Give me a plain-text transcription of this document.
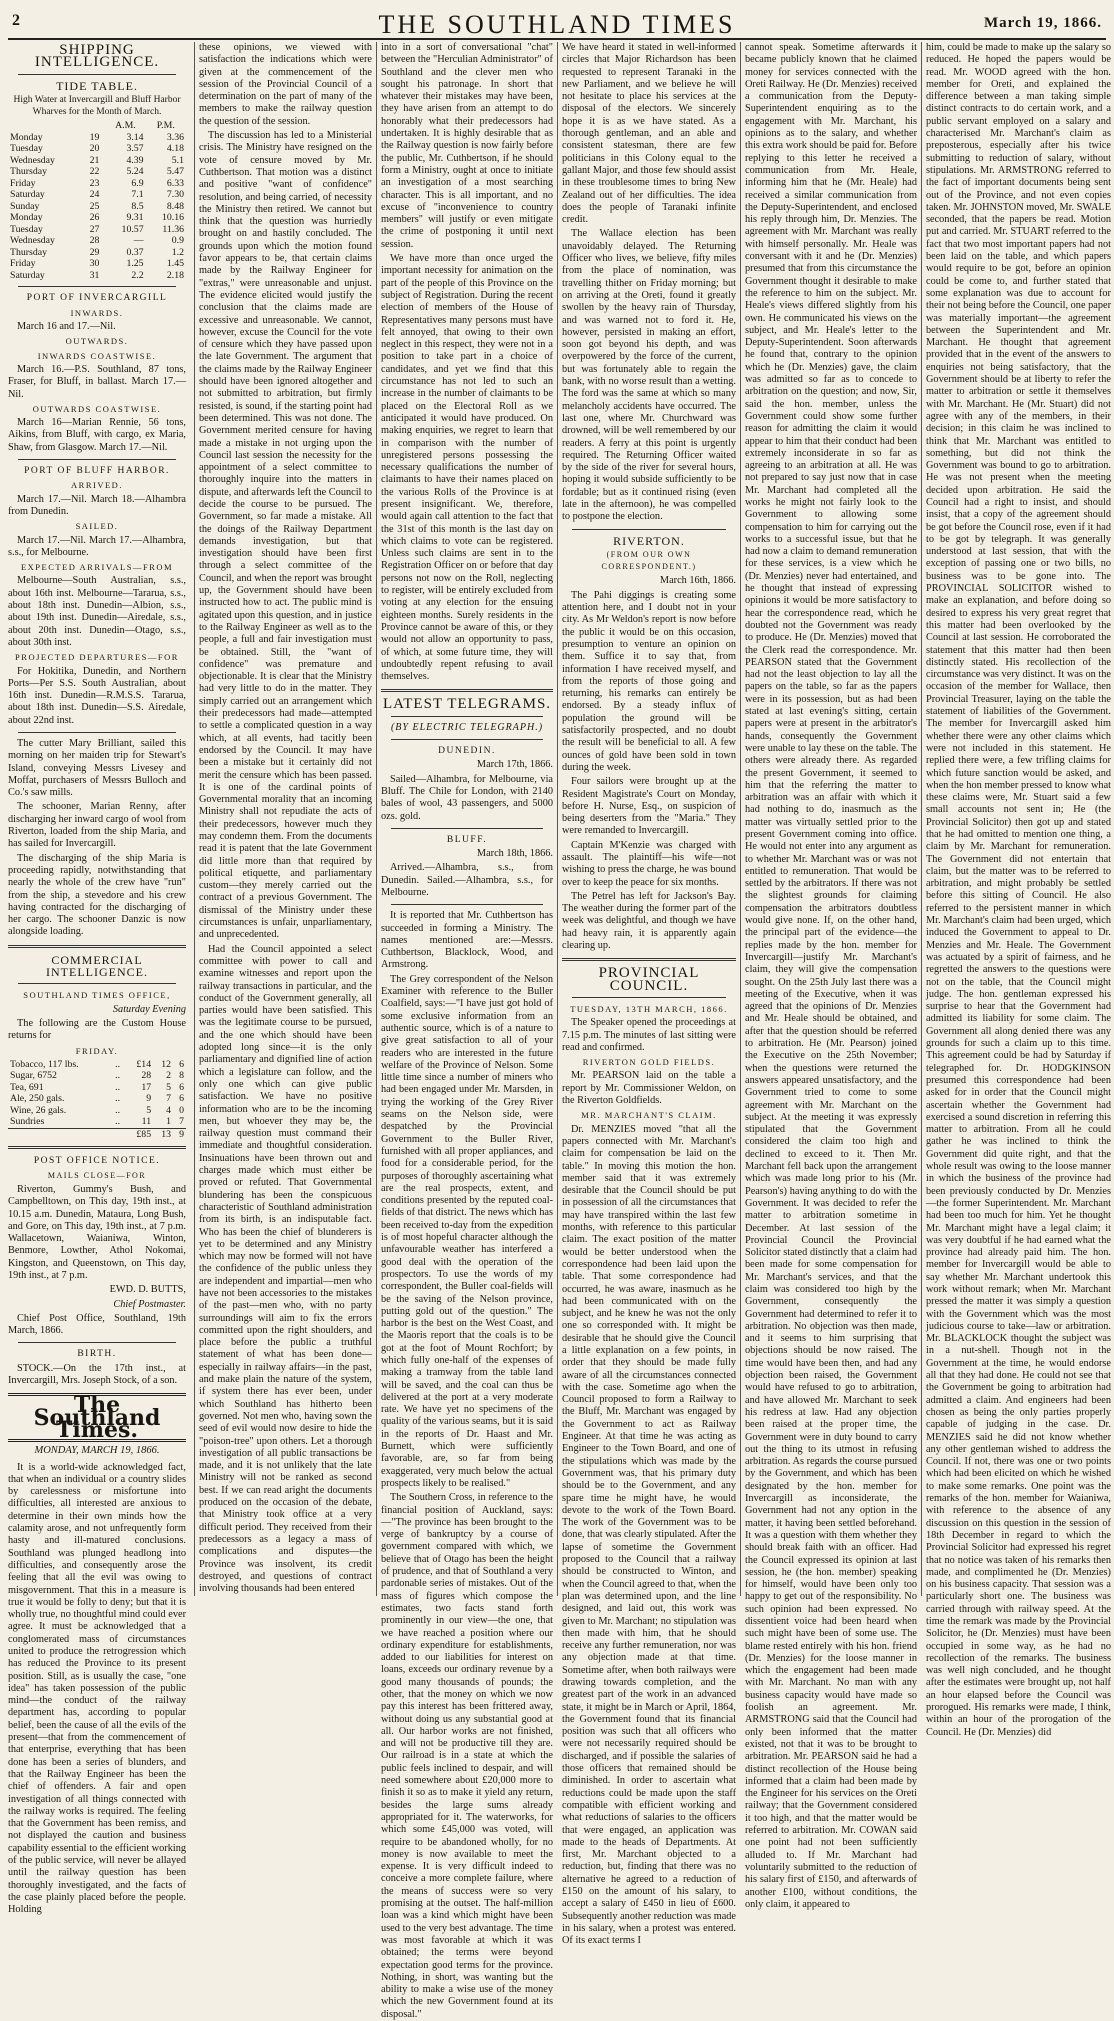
2	THE SOUTHLAND TIMES	March 19, 1866.
SHIPPING INTELLIGENCE.
TIDE TABLE.

High Water at Invercargill and Bluff Harbor Wharves for the Month of March.

		A.M.	P.M.
Monday	19	3.14	3.36
Tuesday	20	3.57	4.18
Wednesday	21	4.39	5.1
Thursday	22	5.24	5.47
Friday	23	6.9	6.33
Saturday	24	7.1	7.30
Sunday	25	8.5	8.48
Monday	26	9.31	10.16
Tuesday	27	10.57	11.36
Wednesday	28	—	0.9
Thursday	29	0.37	1.2
Friday	30	1.25	1.45
Saturday	31	2.2	2.18
PORT OF INVERCARGILL
INWARDS.

March 16 and 17.—Nil.

OUTWARDS.
INWARDS COASTWISE.

March 16.—P.S. Southland, 87 tons, Fraser, for Bluff, in ballast. March 17.—Nil.

OUTWARDS COASTWISE.

March 16—Marian Rennie, 56 tons, Aikins, from Bluff, with cargo, ex Maria, Shaw, from Glasgow. March 17.—Nil.

PORT OF BLUFF HARBOR.
ARRIVED.

March 17.—Nil. March 18.—Alhambra from Dunedin.

SAILED.

March 17.—Nil. March 17.—Alhambra, s.s., for Melbourne.

EXPECTED ARRIVALS—FROM

Melbourne—South Australian, s.s., about 16th inst. Melbourne—Tararua, s.s., about 18th inst. Dunedin—Albion, s.s., about 19th inst. Dunedin—Airedale, s.s., about 20th inst. Dunedin—Otago, s.s., about 30th inst.

PROJECTED DEPARTURES—FOR

For Hokitika, Dunedin, and Northern Ports—Per S.S. South Australian, about 16th inst. Dunedin—R.M.S.S. Tararua, about 18th inst. Dunedin—S.S. Airedale, about 22nd inst.

The cutter Mary Brilliant, sailed this morning on her maiden trip for Stewart's Island, conveying Messrs Livesey and Moffat, purchasers of Messrs Bulloch and Co.'s saw mills.

The schooner, Marian Renny, after discharging her inward cargo of wool from Riverton, loaded from the ship Maria, and has sailed for Invercargill.

The discharging of the ship Maria is proceeding rapidly, notwithstanding that nearly the whole of the crew have "run" from the ship, a stevedore and his crew having contracted for the discharging of her cargo. The schooner Danzic is now alongside loading.

COMMERCIAL INTELLIGENCE.
SOUTHLAND TIMES OFFICE,

Saturday Evening

The following are the Custom House returns for

FRIDAY.
Tobacco, 117 lbs.	..	£14	12	6
Sugar, 6752	..	28	2	8
Tea, 691	..	17	5	6
Ale, 250 gals.	..	9	7	6
Wine, 26 gals.	..	5	4	0
Sundries	..	11	1	7
		£85	13	9
POST OFFICE NOTICE.
MAILS CLOSE—FOR

Riverton, Gummy's Bush, and Campbelltown, on This day, 19th inst., at 10.15 a.m. Dunedin, Mataura, Long Bush, and Gore, on This day, 19th inst., at 7 p.m. Wallacetown, Waianiwa, Winton, Benmore, Lowther, Athol Nokomai, Kingston, and Queenstown, on This day, 19th inst., at 7 p.m.

EWD. D. BUTTS,

Chief Postmaster.

Chief Post Office, Southland, 19th March, 1866.

BIRTH.

STOCK.—On the 17th inst., at Invercargill, Mrs. Joseph Stock, of a son.

The Southland Times.
MONDAY, MARCH 19, 1866.

It is a world-wide acknowledged fact, that when an individual or a country slides by carelessness or misfortune into difficulties, all interested are anxious to determine in their own minds how the calamity arose, and not unfrequently form hasty and ill-matured conclusions. Southland was plunged headlong into difficulties, and consequently arose the feeling that all the evil was owing to misgovernment. That this in a measure is true it would be folly to deny; but that it is wholly true, no thoughtful mind could ever agree. It must be acknowledged that a conglomerated mass of circumstances united to produce the retrogression which has reduced the Province to its present position. Still, as is usually the case, "one idea" has taken possession of the public mind—the conduct of the railway department has, according to popular belief, been the cause of all the evils of the present—that from the commencement of that enterprise, everything that has been done has been a series of blunders, and that the Railway Engineer has been the chief of offenders. A fair and open investigation of all things connected with the railway works is required. The feeling that the Government has been remiss, and not displayed the caution and business capability essential to the efficient working of the public service, will never be allayed until the railway question has been thoroughly investigated, and the facts of the case plainly placed before the people. Holding

these opinions, we viewed with satisfaction the indications which were given at the commencement of the session of the Provincial Council of a determination on the part of many of the members to make the railway question the question of the session.

The discussion has led to a Ministerial crisis. The Ministry have resigned on the vote of censure moved by Mr. Cuthbertson. That motion was a distinct and positive "want of confidence" resolution, and being carried, of necessity the Ministry then retired. We cannot but think that the question was hurriedly brought on and hastily concluded. The grounds upon which the motion found favor appears to be, that certain claims made by the Railway Engineer for "extras," were unreasonable and unjust. The evidence elicited would justify the conclusion that the claims made are excessive and unreasonable. We cannot, however, excuse the Council for the vote of censure which they have passed upon the late Government. The argument that the claims made by the Railway Engineer should have been ignored altogether and not submitted to arbitration, but firmly resisted, is sound, if the starting point had been determined. This was not done. The Government merited censure for having made a mistake in not urging upon the Council last session the necessity for the appointment of a select committee to thoroughly inquire into the matters in dispute, and afterwards left the Council to decide the course to be pursued. The Government, so far made a mistake. All the doings of the Railway Department demands investigation, but that investigation should have been first through a select committee of the Council, and when the report was brought up, the Government should have been instructed how to act. The public mind is agitated upon this question, and in justice to the Railway Engineer as well as to the people, a full and fair investigation must be obtained. Still, the "want of confidence" was premature and objectionable. It is clear that the Ministry had very little to do in the matter. They simply carried out an arrangement which their predecessors had made—attempted to settle a complicated question in a way which, at all events, had tacitly been endorsed by the Council. It may have been a mistake but it certainly did not merit the censure which has been passed. It is one of the cardinal points of Governmental morality that an incoming Ministry shall not repudiate the acts of their predecessors, however much they may condemn them. From the documents read it is patent that the late Government did little more than that required by political etiquette, and parliamentary custom—they merely carried out the contract of a previous Government. The dismissal of the Ministry under these circumstances is unfair, unparliamentary, and unprecedented.

Had the Council appointed a select committee with power to call and examine witnesses and report upon the railway transactions in particular, and the conduct of the Government generally, all parties would have been satisfied. This was the legitimate course to be pursued, and the one which should have been adopted long since—it is the only parliamentary and dignified line of action which a legislature can follow, and the only one which can give public satisfaction. We have no positive information who are to be the incoming men, but whoever they may be, the railway question must command their immediate and thoughtful consideration. Insinuations have been thrown out and charges made which must either be proved or refuted. That Governmental blundering has been the conspicuous characteristic of Southland administration from its birth, is an indisputable fact. Who has been the chief of blunderers is yet to be determined and any Ministry which may now be formed will not have the confidence of the public unless they are independent and impartial—men who have not been accessories to the mistakes of the past—men who, with no party surroundings will aim to fix the errors committed upon the right shoulders, and place before the public a truthful statement of what has been done—especially in railway affairs—in the past, and make plain the nature of the system, if system there has ever been, under which Southland has hitherto been governed. Not men who, having sown the seed of evil would now desire to hide the "poison-tree" upon others. Let a thorough investigation of all public transactions be made, and it is not unlikely that the late Ministry will not be ranked as second best. If we can read aright the documents produced on the occasion of the debate, that Ministry took office at a very difficult period. They received from their predecessors as a legacy a mass of complications and disputes—the Province was insolvent, its credit destroyed, and questions of contract involving thousands had been entered

into in a sort of conversational "chat" between the "Herculian Administrator" of Southland and the clever men who sought his patronage. In short that whatever their mistakes may have been, they have arisen from an attempt to do honorably what their predecessors had undertaken. It is highly desirable that as the Railway question is now fairly before the public, Mr. Cuthbertson, if he should form a Ministry, ought at once to initiate an investigation of a most searching character. This is all important, and no excuse of "inconvenience to country members" will justify or even mitigate the crime of postponing it until next session.

We have more than once urged the important necessity for animation on the part of the people of this Province on the subject of Registration. During the recent election of members of the House of Representatives many persons must have felt annoyed, that owing to their own neglect in this respect, they were not in a position to take part in a choice of candidates, and yet we find that this circumstance has not led to such an increase in the number of claimants to be placed on the Electoral Roll as we anticipated it would have produced. On making enquiries, we regret to learn that in comparison with the number of unregistered persons possessing the necessary qualifications the number of claimants to have their names placed on the various Rolls of the Province is at present insignificant. We, therefore, would again call attention to the fact that the 31st of this month is the last day on which claims to vote can be registered. Unless such claims are sent in to the Registration Officer on or before that day persons not now on the Roll, neglecting to register, will be entirely excluded from voting at any election for the ensuing eighteen months. Surely residents in the Province cannot be aware of this, or they would not allow an opportunity to pass, of which, at some future time, they will undoubtedly repent refusing to avail themselves.

LATEST TELEGRAMS.
(BY ELECTRIC TELEGRAPH.)
DUNEDIN.

March 17th, 1866.

Sailed—Alhambra, for Melbourne, via Bluff. The Chile for London, with 2140 bales of wool, 43 passengers, and 5000 ozs. gold.

BLUFF.

March 18th, 1866.

Arrived.—Alhambra, s.s., from Dunedin. Sailed.—Alhambra, s.s., for Melbourne.

It is reported that Mr. Cuthbertson has succeeded in forming a Ministry. The names mentioned are:—Messrs. Cuthbertson, Blacklock, Wood, and Armstrong.

The Grey correspondent of the Nelson Examiner with reference to the Buller Coalfield, says:—"I have just got hold of some exclusive information from an authentic source, which is of a nature to give great satisfaction to all of your readers who are interested in the future welfare of the Province of Nelson. Some little time since a number of miners who had been engaged under Mr. Marsden, in trying the working of the Grey River seams on the Nelson side, were despatched by the Provincial Government to the Buller River, furnished with all proper appliances, and food for a considerable period, for the purposes of thoroughly ascertaining what are the real prospects, extent, and conditions presented by the reputed coal-fields of that district. The news which has been received to-day from the expedition is of most hopeful character although the unfavourable weather has interfered a good deal with the operation of the prospectors. To use the words of my correspondent, the Buller coal-fields will be the saving of the Nelson province, putting gold out of the question." The harbor is the best on the West Coast, and the Maoris report that the coals is to be got at the foot of Mount Rochfort; by which fully one-half of the expenses of making a tramway from the table land will be saved, and the coal can thus be delivered at the port at a very moderate rate. We have yet no specimens of the quality of the various seams, but it is said in the reports of Dr. Haast and Mr. Burnett, which were sufficiently favorable, are, so far from being exaggerated, very much below the actual prospects likely to be realised."

The Southern Cross, in reference to the financial position of Auckland, says:—"The province has been brought to the verge of bankruptcy by a course of government compared with which, we believe that of Otago has been the height of prudence, and that of Southland a very pardonable series of mistakes. Out of the mass of figures which compose the estimates, two facts stand forth prominently in our view—the one, that we have reached a position where our ordinary expenditure for establishments, added to our liabilities for interest on loans, exceeds our ordinary revenue by a good many thousands of pounds; the other, that the money on which we now pay this interest has been frittered away, without doing us any substantial good at all. Our harbor works are not finished, and will not be productive till they are. Our railroad is in a state at which the public feels inclined to despair, and will need somewhere about £20,000 more to finish it so as to make it yield any return, besides the large sums already appropriated for it. The waterworks, for which some £45,000 was voted, will require to be abandoned wholly, for no money is now available to meet the expense. It is very difficult indeed to conceive a more complete failure, where the means of success were so very promising at the outset. The half-million loan was a kind which might have been used to the very best advantage. The time was most favorable at which it was obtained; the terms were beyond expectation good terms for the province. Nothing, in short, was wanting but the ability to make a wise use of the money which the new Government found at its disposal."

We have heard it stated in well-informed circles that Major Richardson has been requested to represent Taranaki in the new Parliament, and we believe he will not hesitate to place his services at the disposal of the electors. We sincerely hope it is as we have stated. As a thorough gentleman, and an able and consistent statesman, there are few politicians in this Colony equal to the gallant Major, and those few should assist in these troublesome times to bring New Zealand out of her difficulties. The idea does the people of Taranaki infinite credit.

The Wallace election has been unavoidably delayed. The Returning Officer who lives, we believe, fifty miles from the place of nomination, was travelling thither on Friday morning; but on arriving at the Oreti, found it greatly swollen by the heavy rain of Thursday, and was warned not to ford it. He, however, persisted in making an effort, soon got beyond his depth, and was overpowered by the force of the current, but was fortunately able to regain the bank, with no worse result than a wetting. The ford was the same at which so many melancholy accidents have occurred. The last one, where Mr. Churchward was drowned, will be well remembered by our readers. A ferry at this point is urgently required. The Returning Officer waited by the side of the river for several hours, hoping it would subside sufficiently to be fordable; but as it continued rising (even late in the afternoon), he was compelled to postpone the election.

RIVERTON.
(FROM OUR OWN CORRESPONDENT.)

March 16th, 1866.

The Pahi diggings is creating some attention here, and I doubt not in your city. As Mr Weldon's report is now before the public it would be on this occasion, presumption to venture an opinion on them. Suffice it to say that, from information I have received myself, and from the reports of those going and returning, his remarks can entirely be endorsed. By a steady influx of population the ground will be satisfactorily prospected, and no doubt the result will be beneficial to all. A few ounces of gold have been sold in town during the week.

Four sailors were brought up at the Resident Magistrate's Court on Monday, before H. Nurse, Esq., on suspicion of being deserters from the "Maria." They were remanded to Invercargill.

Captain M'Kenzie was charged with assault. The plaintiff—his wife—not wishing to press the charge, he was bound over to keep the peace for six months.

The Petrel has left for Jackson's Bay. The weather during the former part of the week was delightful, and though we have had heavy rain, it is apparently again clearing up.

PROVINCIAL COUNCIL.
TUESDAY, 13TH MARCH, 1866.

The Speaker opened the proceedings at 7.15 p.m. The minutes of last sitting were read and confirmed.

RIVERTON GOLD FIELDS.

Mr. PEARSON laid on the table a report by Mr. Commissioner Weldon, on the Riverton Goldfields.

MR. MARCHANT'S CLAIM.

Dr. MENZIES moved "that all the papers connected with Mr. Marchant's claim for compensation be laid on the table." In moving this motion the hon. member said that it was extremely desirable that the Council should be put in possession of all the circumstances that may have transpired within the last few months, with reference to this particular claim. The exact position of the matter would be better understood when the correspondence had been laid upon the table. That some correspondence had occurred, he was aware, inasmuch as he had been communicated with on the subject, and he knew he was not the only one so corresponded with. It might be desirable that he should give the Council a little explanation on a few points, in order that they should be made fully aware of all the circumstances connected with the case. Sometime ago when the Council proposed to form a Railway to the Bluff, Mr. Marchant was engaged by the Government to act as Railway Engineer. At that time he was acting as Engineer to the Town Board, and one of the stipulations which was made by the Government was, that his primary duty should be to the Government, and any spare time he might have, he would devote to the work of the Town Board. The work of the Government was to be done, that was clearly stipulated. After the lapse of sometime the Government proposed to the Council that a railway should be constructed to Winton, and when the Council agreed to that, when the plan was determined upon, and the line designed, and laid out, this work was given to Mr. Marchant; no stipulation was then made with him, that he should receive any further remuneration, nor was any objection made at that time. Sometime after, when both railways were drawing towards completion, and the greatest part of the work in an advanced state, it might be in March or April, 1864, the Government found that its financial position was such that all officers who were not necessarily required should be discharged, and if possible the salaries of those officers that remained should be diminished. In order to ascertain what reductions could be made upon the staff compatible with efficient working and what reductions of salaries to the officers that were engaged, an application was made to the heads of Departments. At first, Mr. Marchant objected to a reduction, but, finding that there was no alternative he agreed to a reduction of £150 on the amount of his salary, to accept a salary of £450 in lieu of £600. Subsequently another reduction was made in his salary, when a protest was entered. Of its exact terms I

cannot speak. Sometime afterwards it became publicly known that he claimed money for services connected with the Oreti Railway. He (Dr. Menzies) received a communication from the Deputy-Superintendent enquiring as to the engagement with Mr. Marchant, his opinions as to the salary, and whether this extra work should be paid for. Before replying to this letter he received a communication from Mr. Heale, informing him that he (Mr. Heale) had received a similar communication from the Deputy-Superintendent, and enclosed his reply through him, Dr. Menzies. The agreement with Mr. Marchant was really with himself personally. Mr. Heale was conversant with it and he (Dr. Menzies) presumed that from this circumstance the Government thought it desirable to make the reference to him on the subject. Mr. Heale's views differed slightly from his own. He communicated his views on the subject, and Mr. Heale's letter to the Deputy-Superintendent. Soon afterwards he found that, contrary to the opinion which he (Dr. Menzies) gave, the claim was admitted so far as to concede to arbitration on the question; and now, Sir, said the hon. member, unless the Government could show some further reason for admitting the claim it would appear to him that their conduct had been extremely inconsiderate in so far as agreeing to an arbitration at all. He was not prepared to say just now that in case Mr. Marchant had completed all the works he might not fairly look to the Government to allowing some compensation to him for carrying out the works to a successful issue, but that he had now a claim to demand remuneration for these services, is a view which he (Dr. Menzies) never had entertained, and he thought that instead of expressing opinions it would be more satisfactory to hear the correspondence read, which he doubted not the Government was ready to produce. He (Dr. Menzies) moved that the Clerk read the correspondence. Mr. PEARSON stated that the Government had not the least objection to lay all the papers on the table, so far as the papers were in its possession, but as had been stated at last evening's sitting, certain papers were at present in the arbitrator's hands, consequently the Government were unable to lay these on the table. The others were already there. As regarded the present Government, it seemed to him that the referring the matter to arbitration was an affair with which it had nothing to do, inasmuch as the matter was virtually settled prior to the present Government coming into office. He would not enter into any argument as to whether Mr. Marchant was or was not entitled to remuneration. That would be settled by the arbitrators. If there was not the slightest grounds for claiming compensation the arbitrators doubtless would give none. If, on the other hand, the principal part of the evidence—the replies made by the hon. member for Invercargill—justify Mr. Marchant's claim, they will give the compensation sought. On the 25th July last there was a meeting of the Executive, when it was agreed that the opinions of Dr. Menzies and Mr. Heale should be obtained, and after that the question should be referred to arbitration. He (Mr. Pearson) joined the Executive on the 25th November; when the questions were returned the answers appeared unsatisfactory, and the Government tried to come to some agreement with Mr. Marchant on the subject. At the meeting it was expressly stipulated that the Government considered the claim too high and declined to exceed to it. Then Mr. Marchant fell back upon the arrangement which was made long prior to his (Mr. Pearson's) having anything to do with the Government. It was decided to refer the matter to arbitration sometime in December. At last session of the Provincial Council the Provincial Solicitor stated distinctly that a claim had been made for some compensation for Mr. Marchant's services, and that the claim was considered too high by the Government, consequently the Government had determined to refer it to arbitration. No objection was then made, and it seems to him surprising that objections should be now raised. The time would have been then, and had any objection been raised, the Government would have refused to go to arbitration, and have allowed Mr. Marchant to seek his redress at law. Had any objection been raised at the proper time, the Government were in duty bound to carry out the thing to its utmost in refusing arbitration. As regards the course pursued by the Government, and which has been designated by the hon. member for Invercargill as inconsiderate, the Government had not any option in the matter, it having been settled beforehand. It was a question with them whether they should break faith with an officer. Had the Council expressed its opinion at last session, he (the hon. member) speaking for himself, would have been only too happy to get out of the responsibility. No such opinion had been expressed. No dissentient voice had been heard when such might have been of some use. The blame rested entirely with his hon. friend (Dr. Menzies) for the loose manner in which the engagement had been made with Mr. Marchant. No man with any business capacity would have made so foolish an agreement. Mr. ARMSTRONG said that the Council had only been informed that the matter existed, not that it was to be brought to arbitration. Mr. PEARSON said he had a distinct recollection of the House being informed that a claim had been made by the Engineer for his services on the Oreti railway; that the Government considered it too high, and that the matter would be referred to arbitration. Mr. COWAN said one point had not been sufficiently alluded to. If Mr. Marchant had voluntarily submitted to the reduction of his salary first of £150, and afterwards of another £100, without conditions, the only claim, it appeared to

him, could be made to make up the salary so reduced. He hoped the papers would be read. Mr. WOOD agreed with the hon. member for Oreti, and explained the difference between a man taking simple distinct contracts to do certain work, and a public servant employed on a salary and characterised Mr. Marchant's claim as preposterous, especially after his twice submitting to reduction of salary, without stipulations. Mr. ARMSTRONG referred to the fact of important documents being sent out of the Province, and not even copies taken. Mr. JOHNSTON moved, Mr. SWALE seconded, that the papers be read. Motion put and carried. Mr. STUART referred to the fact that two most important papers had not been laid on the table, and which papers would require to be got, before an opinion could be come to, and further stated that some explanation was due to account for their not being before the Council, one paper was materially important—the agreement between the Superintendent and Mr. Marchant. He thought that agreement provided that in the event of the answers to enquiries not being satisfactory, that the Government should be at liberty to refer the matter to arbitration or settle it themselves with Mr. Marchant. He (Mr. Stuart) did not agree with any of the members, in their decision; in this claim he was inclined to think that Mr. Marchant was entitled to something, but did not think the Government was bound to go to arbitration. He was not present when the meeting decided upon arbitration. He said the Council had a right to insist, and should insist, that a copy of the agreement should be got before the Council rose, even if it had to be got by telegraph. It was generally understood at last session, that with the exception of passing one or two bills, no business was to be gone into. The PROVINCIAL SOLICITOR wished to make an explanation, and before doing so desired to express his very great regret that this matter had been overlooked by the Council at last session. He corroborated the statement that this matter had then been distinctly stated. His recollection of the circumstance was very distinct. It was on the occasion of the member for Wallace, then Provincial Treasurer, laying on the table the statement of liabilities of the Government. The member for Invercargill asked him whether there were any other claims which were not included in this statement. He replied there were, a few trifling claims for which future sanction would be asked, and when the hon member pressed to know what these claims were, Mr. Stuart said a few small accounts not sent in; He (the Provincial Solicitor) then got up and stated that he had omitted to mention one thing, a claim by Mr. Marchant for remuneration. The Government did not entertain that claim, but the matter was to be referred to arbitration, and might probably be settled before this sitting of Council. He also referred to the persistent manner in which Mr. Marchant's claim had been urged, which induced the Government to appeal to Dr. Menzies and Mr. Heale. The Government was actuated by a spirit of fairness, and he regretted the answers to the questions were not on the table, that the Council might judge. The hon. gentleman expressed his surprise to hear that the Government had admitted its liability for some claim. The Government all along denied there was any grounds for such a claim up to this time. This agreement could be had by Saturday if telegraphed for. Dr. HODGKINSON presumed this correspondence had been asked for in order that the Council might ascertain whether the Government had exercised a sound discretion in referring this matter to arbitration. From all he could gather he was inclined to think the Government did quite right, and that the whole result was owing to the loose manner in which the business of the province had been previously conducted by Dr. Menzies—the former Superintendent. Mr. Marchant had been too much for him. Yet he thought Mr. Marchant might have a legal claim; it was very doubtful if he had earned what the province had already paid him. The hon. member for Invercargill would be able to say whether Mr. Marchant undertook this work without remark; when Mr. Marchant pressed the matter it was simply a question with the Government which was the most judicious course to take—law or arbitration. Mr. BLACKLOCK thought the subject was in a nut-shell. Though not in the Government at the time, he would endorse all that they had done. He could not see that the Government be going to arbitration had admitted a claim. And engineers had been chosen as being the only parties properly capable of judging in the case. Dr. MENZIES said he did not know whether any other gentleman wished to address the Council. If not, there was one or two points which had been elicited on which he wished to make some remarks. One point was the remarks of the hon. member for Waianiwa, with reference to the absence of any discussion on this question in the session of 18th December in regard to which the Provincial Solicitor had expressed his regret that no notice was taken of his remarks then made, and complimented he (Dr. Menzies) on his business capacity. That session was a particularly short one. The business was carried through with railway speed. At the time the remark was made by the Provincial Solicitor, he (Dr. Menzies) must have been occupied in some way, as he had no recollection of the remarks. The business was well nigh concluded, and he thought after the estimates were brought up, not half an hour elapsed before the Council was prorogued. His remarks were made, I think, within an hour of the prorogation of the Council. He (Dr. Menzies) did
